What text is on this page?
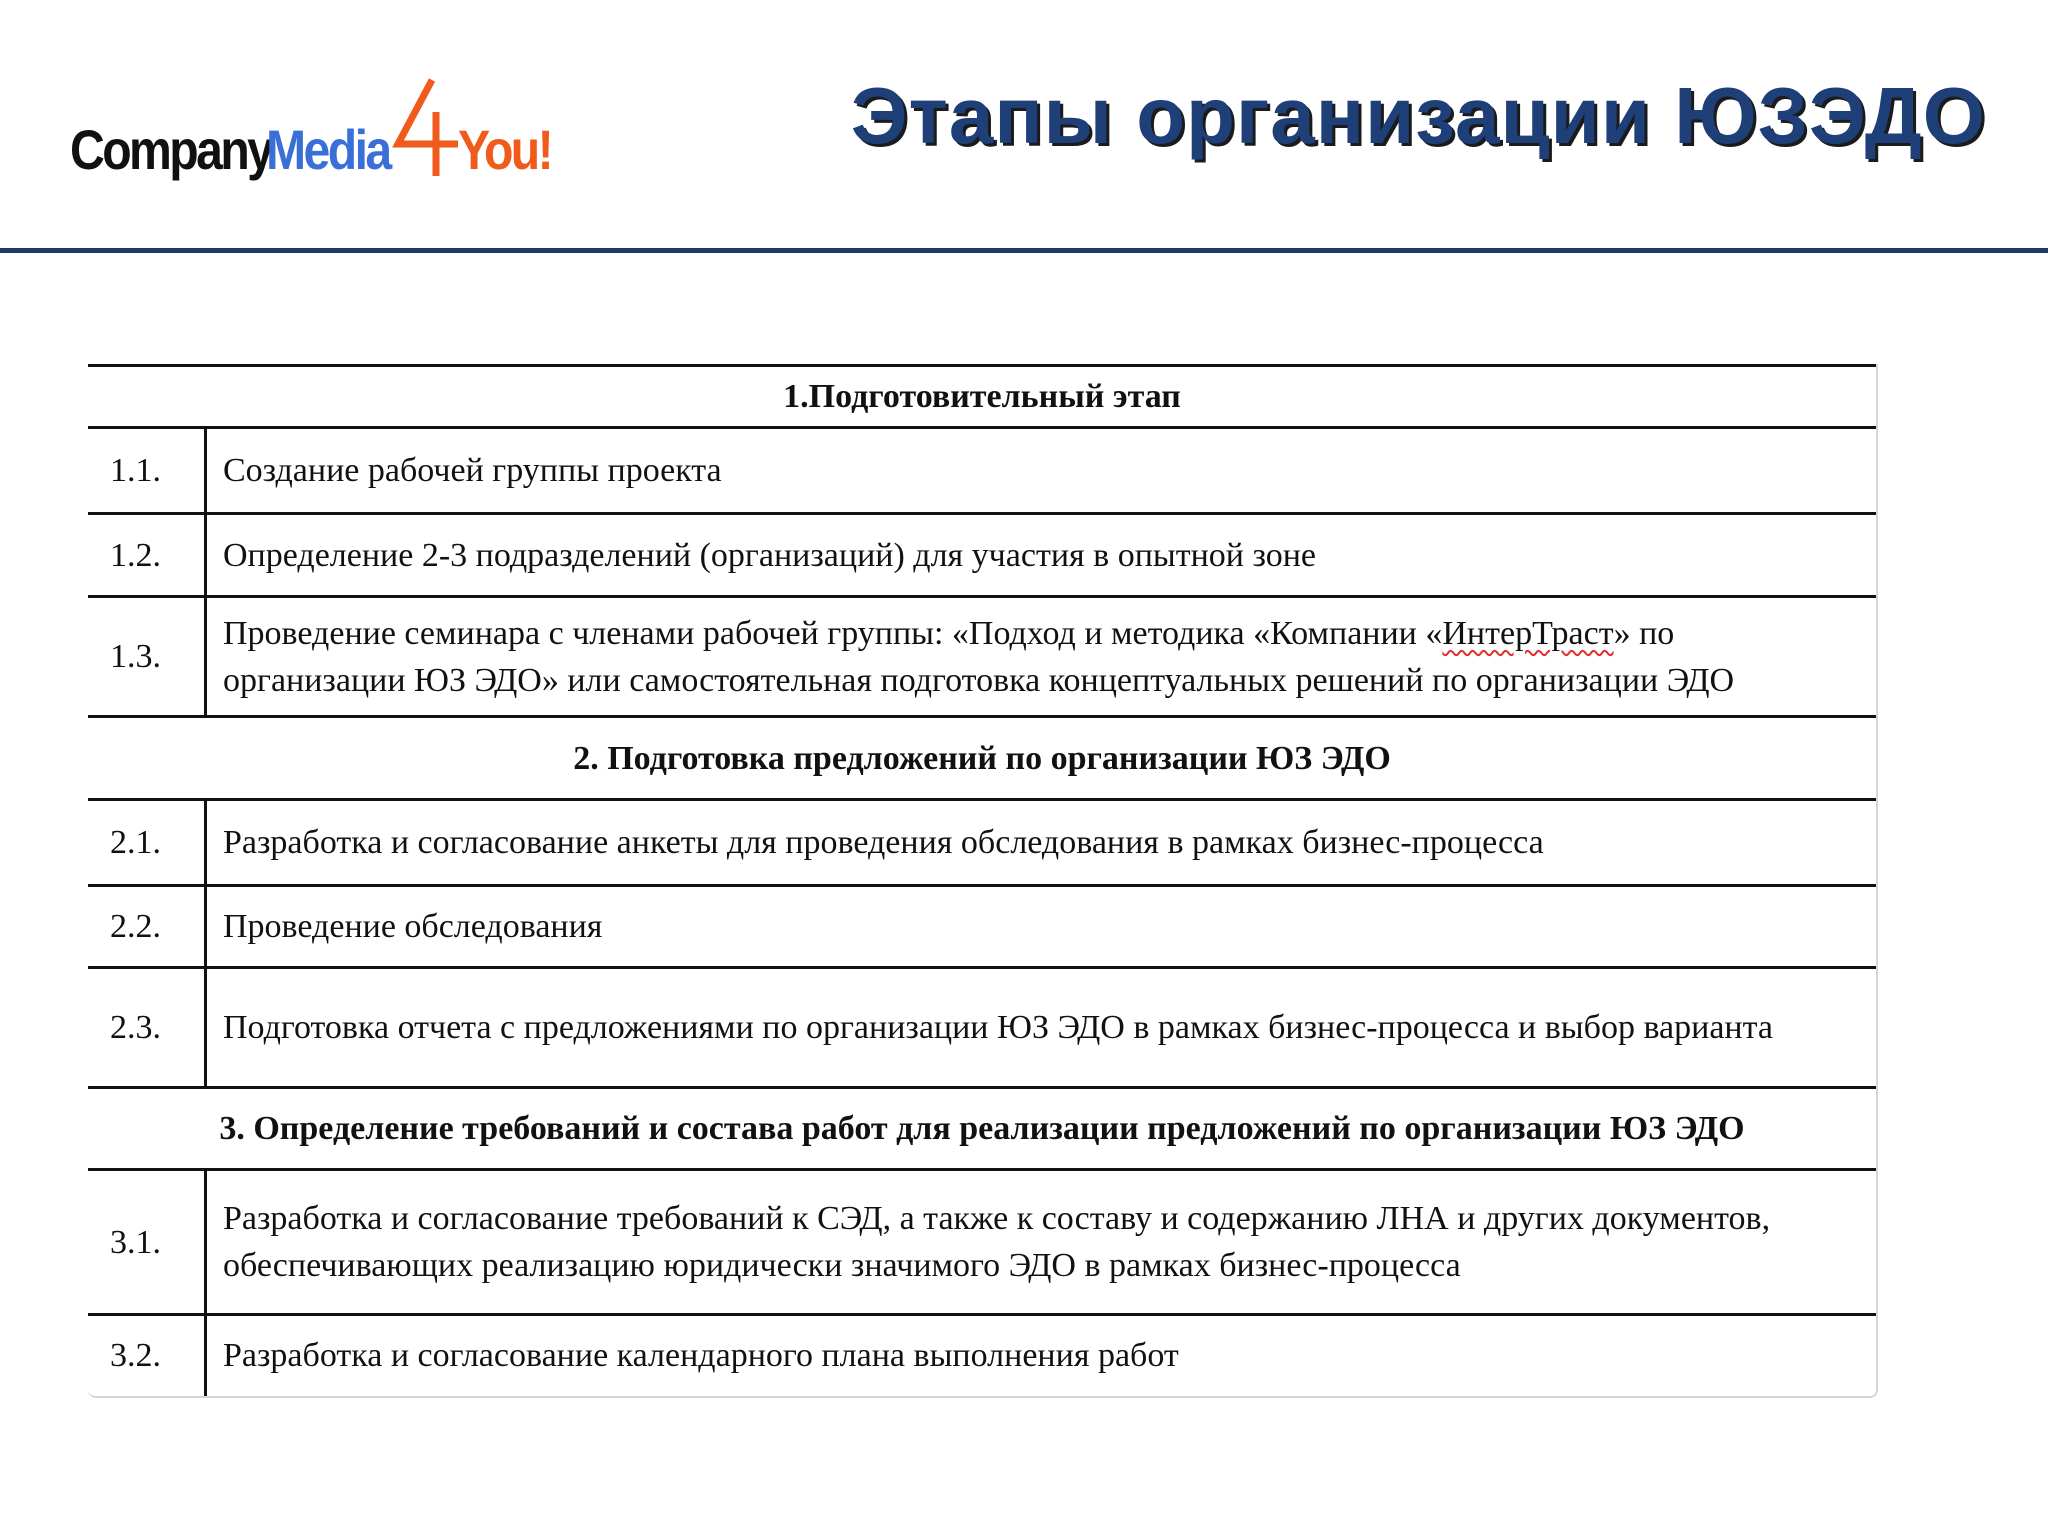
Company
Media You!	Этапы организации ЮЗЭДО
1.Подготовительный этап	
1.1.	Создание рабочей группы проекта
1.2.	Определение 2-3 подразделений (организаций) для участия в опытной зоне
1.3.	Проведение семинара с членами рабочей группы: «Подход и методика «Компании «ИнтерТраст» по организации ЮЗ ЭДО» или самостоятельная подготовка концептуальных решений по организации ЭДО
2. Подготовка предложений по организации ЮЗ ЭДО	
2.1.	Разработка и согласование анкеты для проведения обследования в рамках бизнес-процесса
2.2.	Проведение обследования
2.3.	Подготовка отчета с предложениями по организации ЮЗ ЭДО в рамках бизнес-процесса и выбор варианта
3. Определение требований и состава работ для реализации предложений по организации ЮЗ ЭДО	
3.1.	Разработка и согласование требований к СЭД, а также к составу и содержанию ЛНА и других документов, обеспечивающих реализацию юридически значимого ЭДО в рамках бизнес-процесса
3.2.	Разработка и согласование календарного плана выполнения работ
